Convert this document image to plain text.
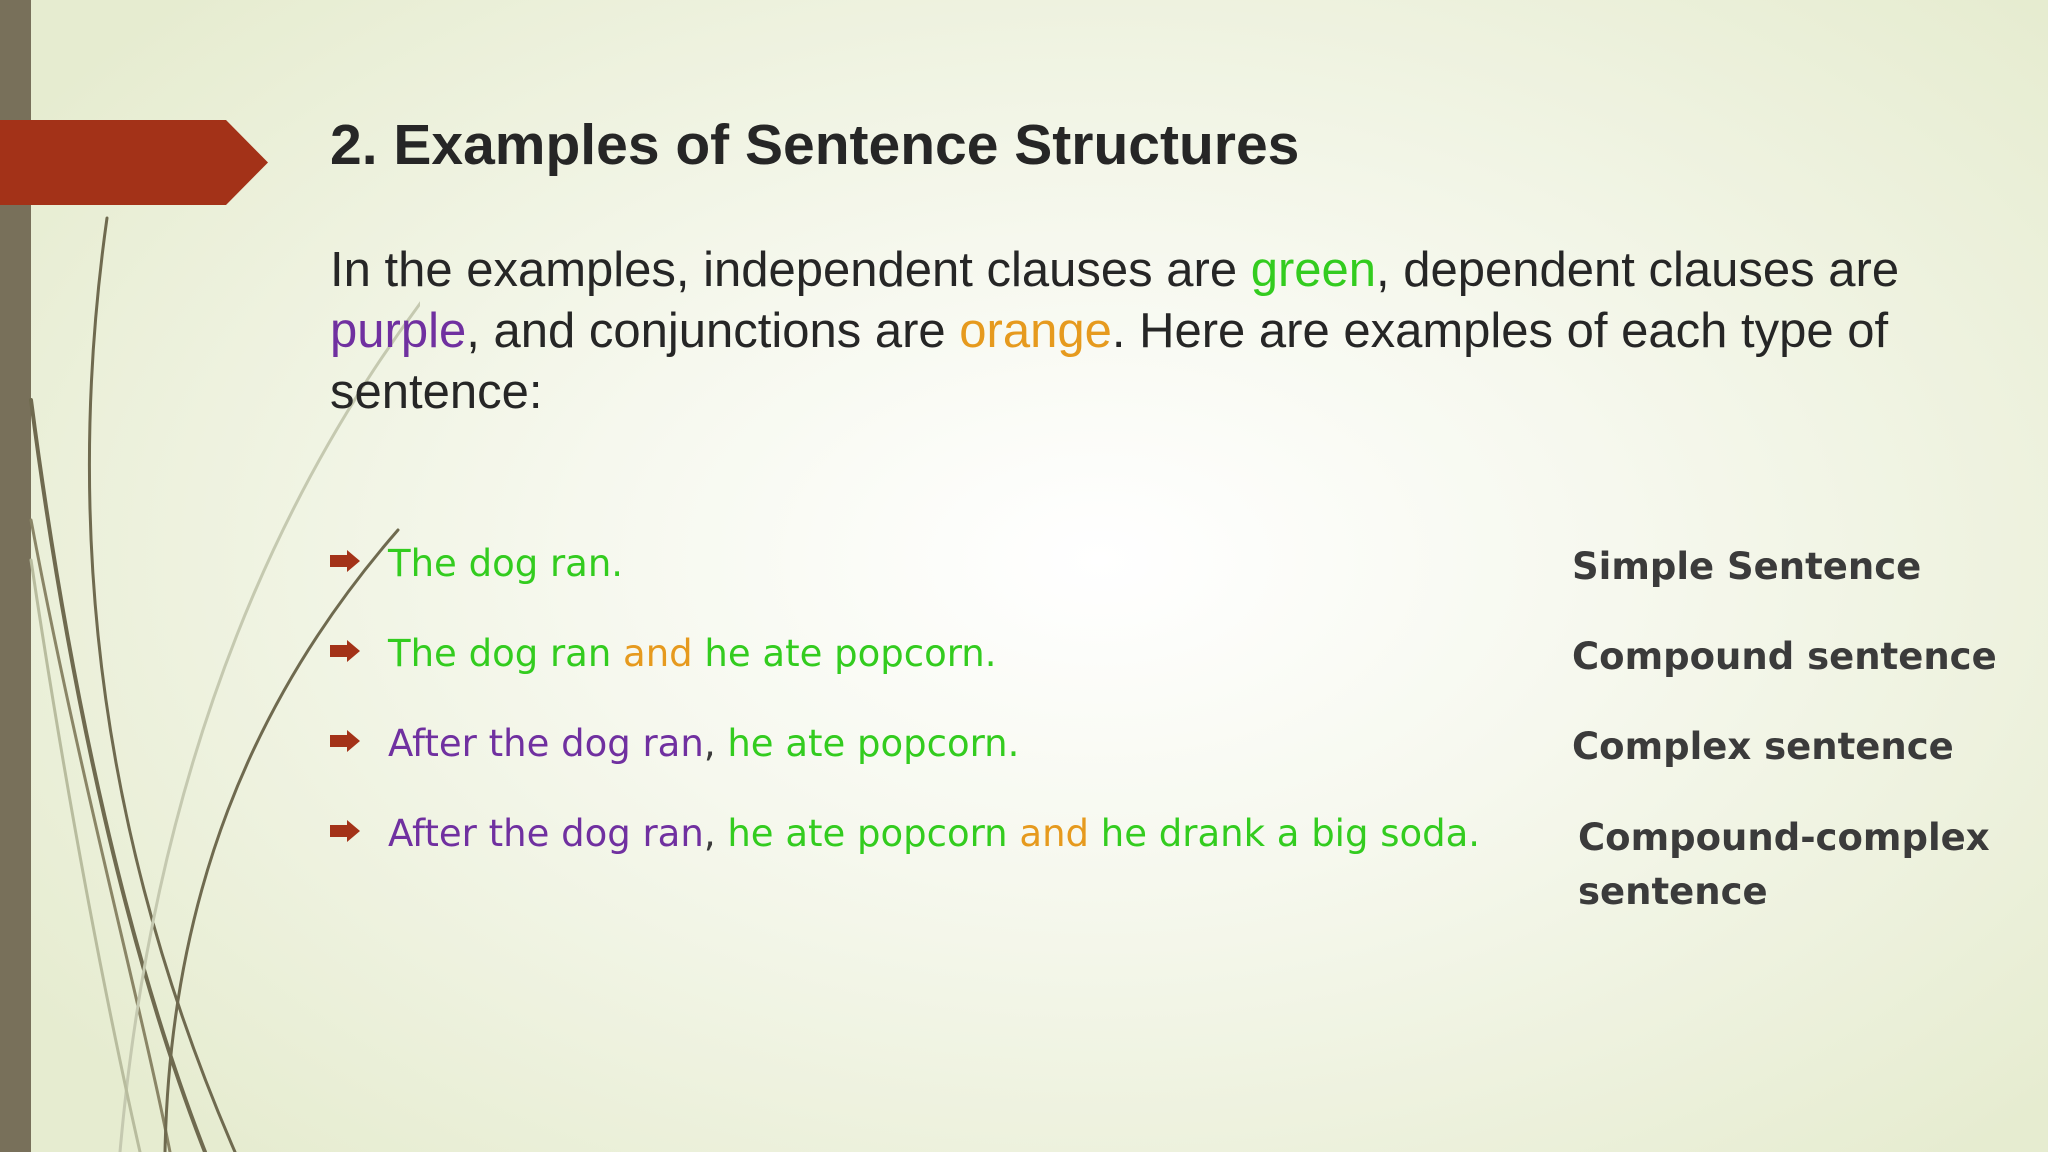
2. Examples of Sentence Structures

In the examples, independent clauses are green, dependent clauses are purple, and conjunctions are orange. Here are examples of each type of sentence:

The dog ran.	Simple Sentence
The dog ran and he ate popcorn.	Compound sentence
After the dog ran, he ate popcorn.	Complex sentence
After the dog ran, he ate popcorn and he drank a big soda.	Compound-complex
sentence
